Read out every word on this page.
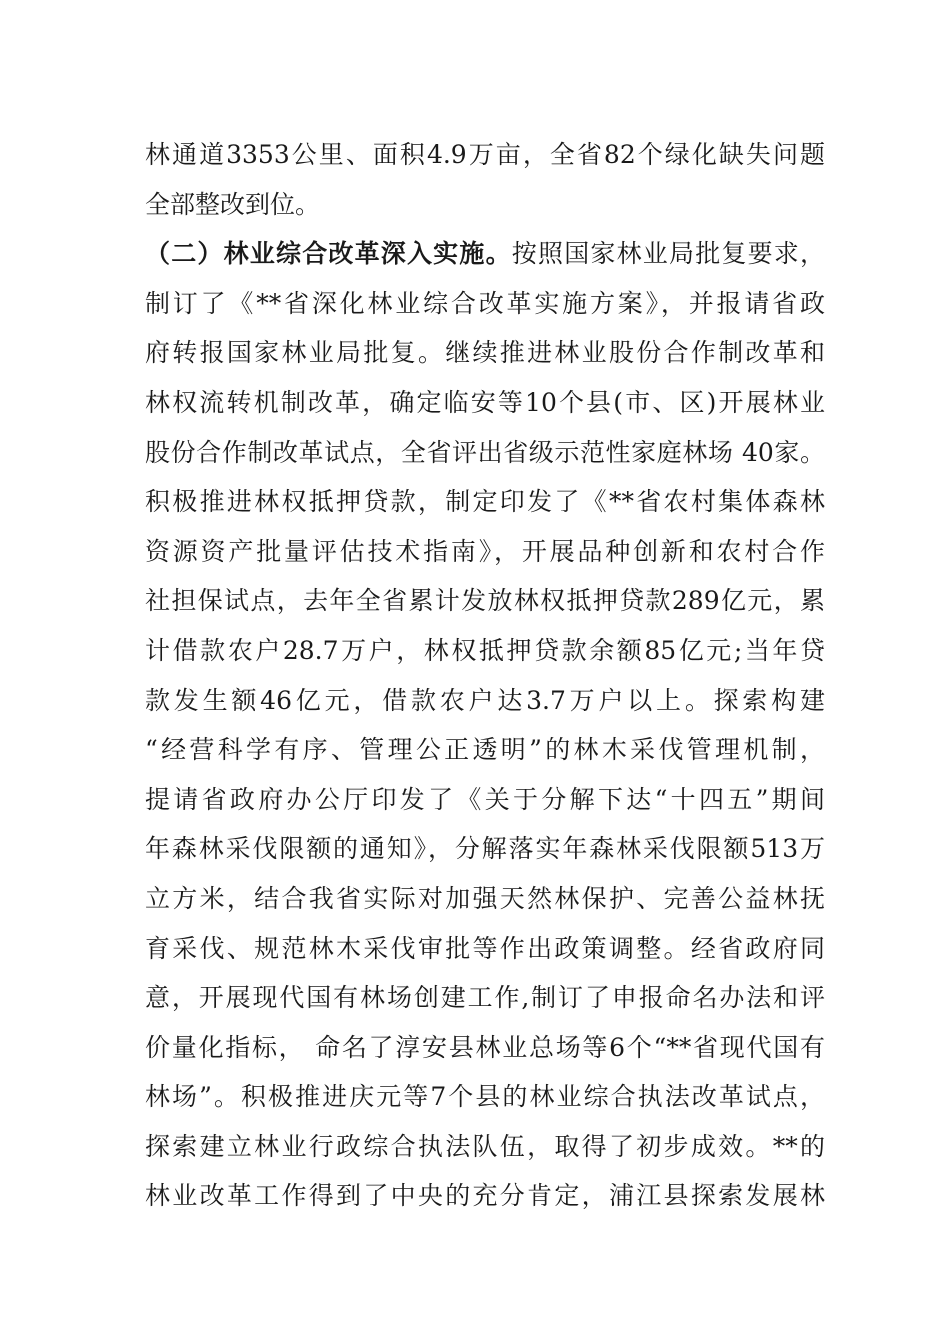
林通道3353公里、面积4.9万亩，全省82个绿化缺失问题
全部整改到位。
（二）林业综合改革深入实施。按照国家林业局批复要求，
制订了《**省深化林业综合改革实施方案》，并报请省政
府转报国家林业局批复。继续推进林业股份合作制改革和
林权流转机制改革，确定临安等10个县(市、区)开展林业
股份合作制改革试点，全省评出省级示范性家庭林场 40家。
积极推进林权抵押贷款，制定印发了《**省农村集体森林
资源资产批量评估技术指南》，开展品种创新和农村合作
社担保试点，去年全省累计发放林权抵押贷款289亿元，累
计借款农户28.7万户，林权抵押贷款余额85亿元;当年贷
款发生额46亿元，借款农户达3.7万户以上。探索构建
“经营科学有序、管理公正透明”的林木采伐管理机制，
提请省政府办公厅印发了《关于分解下达“十四五”期间
年森林采伐限额的通知》，分解落实年森林采伐限额513万
立方米，结合我省实际对加强天然林保护、完善公益林抚
育采伐、规范林木采伐审批等作出政策调整。经省政府同
意，开展现代国有林场创建工作,制订了申报命名办法和评
价量化指标， 命名了淳安县林业总场等6个“**省现代国有
林场”。积极推进庆元等7个县的林业综合执法改革试点，
探索建立林业行政综合执法队伍，取得了初步成效。**的
林业改革工作得到了中央的充分肯定，浦江县探索发展林
